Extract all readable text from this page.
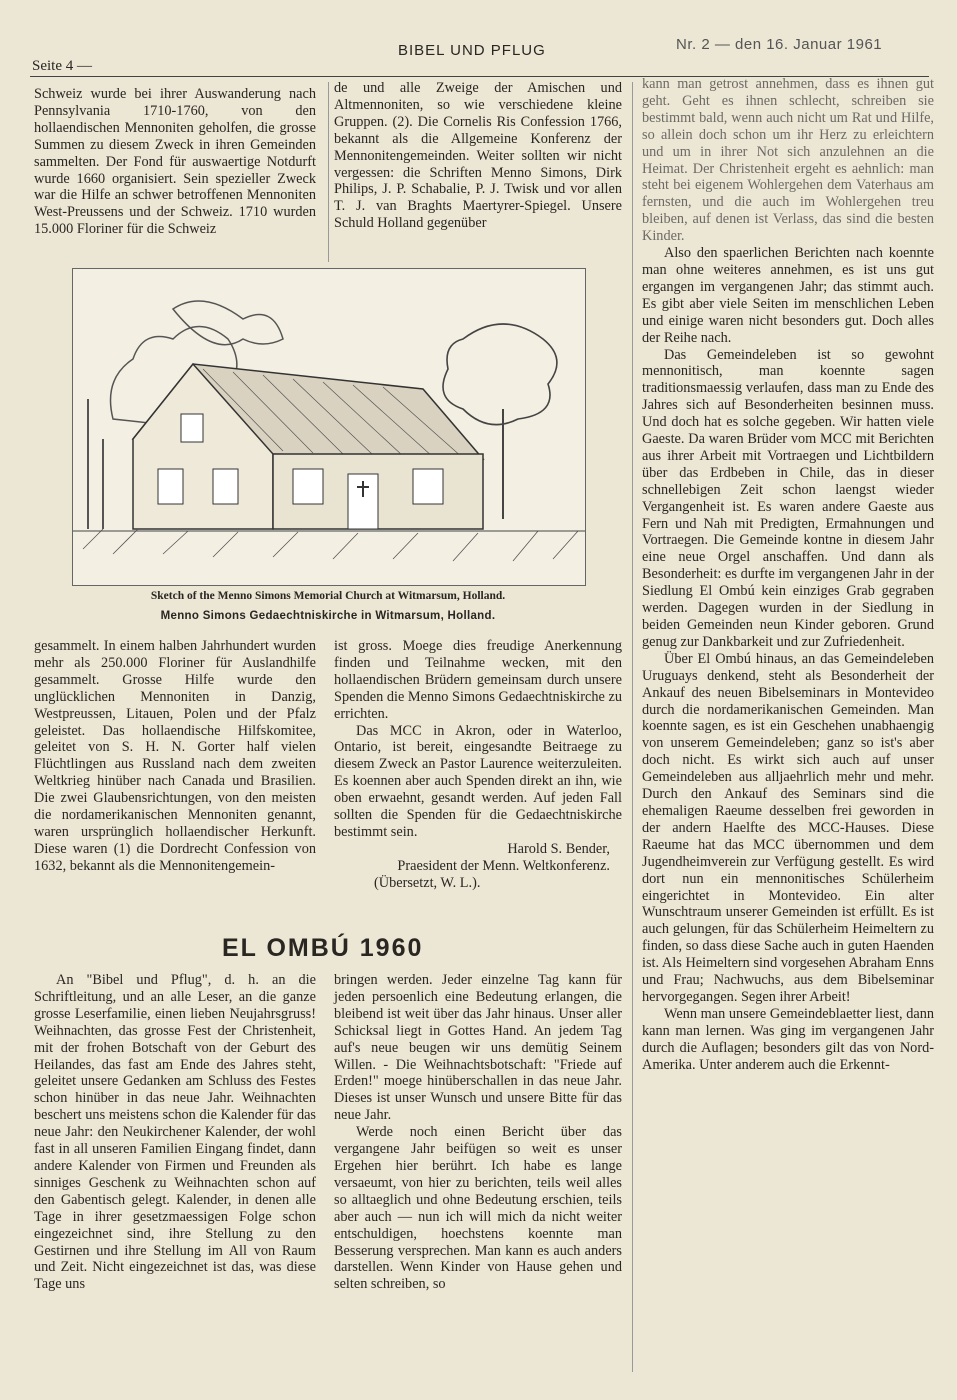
Seite 4 —
BIBEL UND PFLUG	Nr. 2 — den 16. Januar 1961

Schweiz wurde bei ihrer Auswanderung nach Pennsylvania 1710-1760, von den hollaendischen Mennoniten geholfen, die grosse Summen zu diesem Zweck in ihren Gemeinden sammelten. Der Fond für auswaertige Notdurft wurde 1660 organisiert. Sein spezieller Zweck war die Hilfe an schwer betroffenen Mennoniten West-Preussens und der Schweiz. 1710 wurden 15.000 Floriner für die Schweiz

de und alle Zweige der Amischen und Altmennoniten, so wie verschiedene kleine Gruppen. (2). Die Cornelis Ris Confession 1766, bekannt als die Allgemeine Konferenz der Mennonitengemeinden. Weiter sollten wir nicht vergessen: die Schriften Menno Simons, Dirk Philips, J. P. Schabalie, P. J. Twisk und vor allen T. J. van Braghts Maertyrer-Spiegel. Unsere Schuld Holland gegenüber

Sketch of the Menno Simons Memorial Church at Witmarsum, Holland.
Menno Simons Gedaechtniskirche in Witmarsum, Holland.

gesammelt. In einem halben Jahrhundert wurden mehr als 250.000 Floriner für Auslandhilfe gesammelt. Grosse Hilfe wurde den unglücklichen Mennoniten in Danzig, Westpreussen, Litauen, Polen und der Pfalz geleistet. Das hollaendische Hilfskomitee, geleitet von S. H. N. Gorter half vielen Flüchtlingen aus Russland nach dem zweiten Weltkrieg hinüber nach Canada und Brasilien. Die zwei Glaubensrichtungen, von den meisten die nordamerikanischen Mennoniten genannt, waren ursprünglich hollaendischer Herkunft. Diese waren (1) die Dordrecht Confession von 1632, bekannt als die Mennonitengemein-

ist gross. Moege dies freudige Anerkennung finden und Teilnahme wecken, mit den hollaendischen Brüdern gemeinsam durch unsere Spenden die Menno Simons Gedaechtniskirche zu errichten.

Das MCC in Akron, oder in Waterloo, Ontario, ist bereit, eingesandte Beitraege zu diesem Zweck an Pastor Laurence weiterzuleiten. Es koennen aber auch Spenden direkt an ihn, wie oben erwaehnt, gesandt werden. Auf jeden Fall sollten die Spenden für die Gedaechtniskirche bestimmt sein.

Harold S. Bender,

Praesident der Menn. Weltkonferenz.

(Übersetzt, W. L.).

EL OMBÚ 1960

An "Bibel und Pflug", d. h. an die Schriftleitung, und an alle Leser, an die ganze grosse Leserfamilie, einen lieben Neujahrsgruss! Weihnachten, das grosse Fest der Christenheit, mit der frohen Botschaft von der Geburt des Heilandes, das fast am Ende des Jahres steht, geleitet unsere Gedanken am Schluss des Festes schon hinüber in das neue Jahr. Weihnachten beschert uns meistens schon die Kalender für das neue Jahr: den Neukirchener Kalender, der wohl fast in all unseren Familien Eingang findet, dann andere Kalender von Firmen und Freunden als sinniges Geschenk zu Weihnachten schon auf den Gabentisch gelegt. Kalender, in denen alle Tage in ihrer gesetzmaessigen Folge schon eingezeichnet sind, ihre Stellung zu den Gestirnen und ihre Stellung im All von Raum und Zeit. Nicht eingezeichnet ist das, was diese Tage uns

bringen werden. Jeder einzelne Tag kann für jeden persoenlich eine Bedeutung erlangen, die bleibend ist weit über das Jahr hinaus. Unser aller Schicksal liegt in Gottes Hand. An jedem Tag auf's neue beugen wir uns demütig Seinem Willen. - Die Weihnachtsbotschaft: "Friede auf Erden!" moege hinüberschallen in das neue Jahr. Dieses ist unser Wunsch und unsere Bitte für das neue Jahr.

Werde noch einen Bericht über das vergangene Jahr beifügen so weit es unser Ergehen hier berührt. Ich habe es lange versaeumt, von hier zu berichten, teils weil alles so alltaeglich und ohne Bedeutung erschien, teils aber auch — nun ich will mich da nicht weiter entschuldigen, hoechstens koennte man Besserung versprechen. Man kann es auch anders darstellen. Wenn Kinder von Hause gehen und selten schreiben, so

kann man getrost annehmen, dass es ihnen gut geht. Geht es ihnen schlecht, schreiben sie bestimmt bald, wenn auch nicht um Rat und Hilfe, so allein doch schon um ihr Herz zu erleichtern und um in ihrer Not sich anzulehnen an die Heimat. Der Christenheit ergeht es aehnlich: man steht bei eigenem Wohlergehen dem Vaterhaus am fernsten, und die auch im Wohlergehen treu bleiben, auf denen ist Verlass, das sind die besten Kinder.

Also den spaerlichen Berichten nach koennte man ohne weiteres annehmen, es ist uns gut ergangen im vergangenen Jahr; das stimmt auch. Es gibt aber viele Seiten im menschlichen Leben und einige waren nicht besonders gut. Doch alles der Reihe nach.

Das Gemeindeleben ist so gewohnt mennonitisch, man koennte sagen traditionsmaessig verlaufen, dass man zu Ende des Jahres sich auf Besonderheiten besinnen muss. Und doch hat es solche gegeben. Wir hatten viele Gaeste. Da waren Brüder vom MCC mit Berichten aus ihrer Arbeit mit Vortraegen und Lichtbildern über das Erdbeben in Chile, das in dieser schnellebigen Zeit schon laengst wieder Vergangenheit ist. Es waren andere Gaeste aus Fern und Nah mit Predigten, Ermahnungen und Vortraegen. Die Gemeinde kontne in diesem Jahr eine neue Orgel anschaffen. Und dann als Besonderheit: es durfte im vergangenen Jahr in der Siedlung El Ombú kein einziges Grab gegraben werden. Dagegen wurden in der Siedlung in beiden Gemeinden neun Kinder geboren. Grund genug zur Dankbarkeit und zur Zufriedenheit.

Über El Ombú hinaus, an das Gemeindeleben Uruguays denkend, steht als Besonderheit der Ankauf des neuen Bibelseminars in Montevideo durch die nordamerikanischen Gemeinden. Man koennte sagen, es ist ein Geschehen unabhaengig von unserem Gemeindeleben; ganz so ist's aber doch nicht. Es wirkt sich auch auf unser Gemeindeleben aus alljaehrlich mehr und mehr. Durch den Ankauf des Seminars sind die ehemaligen Raeume desselben frei geworden in der andern Haelfte des MCC-Hauses. Diese Raeume hat das MCC übernommen und dem Jugendheimverein zur Verfügung gestellt. Es wird dort nun ein mennonitisches Schülerheim eingerichtet in Montevideo. Ein alter Wunschtraum unserer Gemeinden ist erfüllt. Es ist auch gelungen, für das Schülerheim Heimeltern zu finden, so dass diese Sache auch in guten Haenden ist. Als Heimeltern sind vorgesehen Abraham Enns und Frau; Nachwuchs, aus dem Bibelseminar hervorgegangen. Segen ihrer Arbeit!

Wenn man unsere Gemeindeblaetter liest, dann kann man lernen. Was ging im vergangenen Jahr durch die Auflagen; besonders gilt das von Nord-Amerika. Unter anderem auch die Erkennt-
